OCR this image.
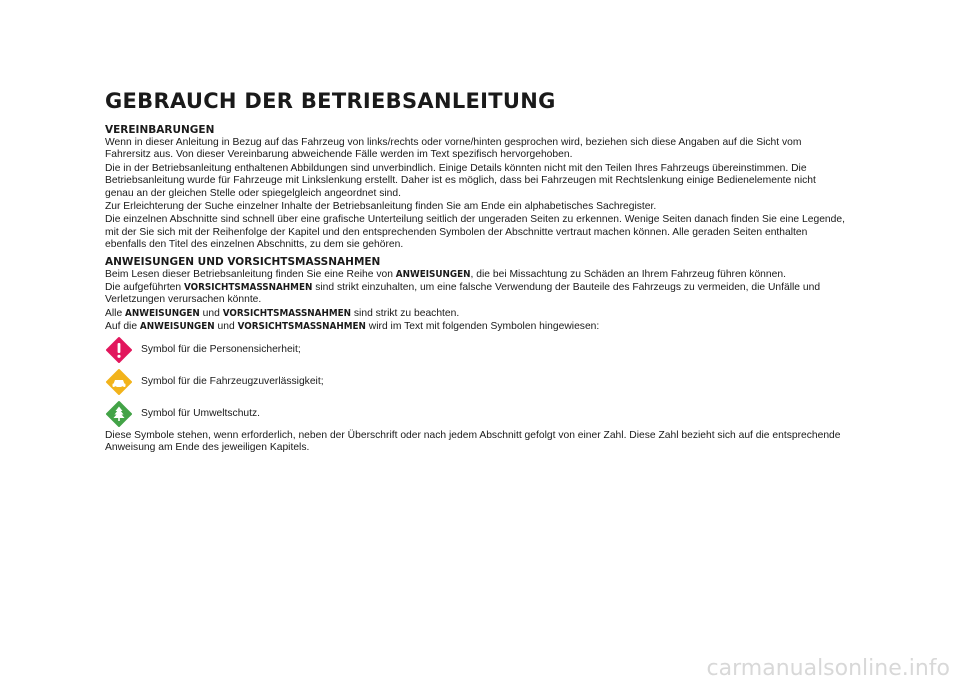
GEBRAUCH DER BETRIEBSANLEITUNG
VEREINBARUNGEN

Wenn in dieser Anleitung in Bezug auf das Fahrzeug von links/rechts oder vorne/hinten gesprochen wird, beziehen sich diese Angaben auf die Sicht vom Fahrersitz aus. Von dieser Vereinbarung abweichende Fälle werden im Text spezifisch hervorgehoben.

Die in der Betriebsanleitung enthaltenen Abbildungen sind unverbindlich. Einige Details könnten nicht mit den Teilen Ihres Fahrzeugs übereinstimmen. Die Betriebsanleitung wurde für Fahrzeuge mit Linkslenkung erstellt. Daher ist es möglich, dass bei Fahrzeugen mit Rechtslenkung einige Bedienelemente nicht genau an der gleichen Stelle oder spiegelgleich angeordnet sind.

Zur Erleichterung der Suche einzelner Inhalte der Betriebsanleitung finden Sie am Ende ein alphabetisches Sachregister.

Die einzelnen Abschnitte sind schnell über eine grafische Unterteilung seitlich der ungeraden Seiten zu erkennen. Wenige Seiten danach finden Sie eine Legende, mit der Sie sich mit der Reihenfolge der Kapitel und den entsprechenden Symbolen der Abschnitte vertraut machen können. Alle geraden Seiten enthalten ebenfalls den Titel des einzelnen Abschnitts, zu dem sie gehören.

ANWEISUNGEN UND VORSICHTSMASSNAHMEN

Beim Lesen dieser Betriebsanleitung finden Sie eine Reihe von ANWEISUNGEN, die bei Missachtung zu Schäden an Ihrem Fahrzeug führen können.

Die aufgeführten VORSICHTSMASSNAHMEN sind strikt einzuhalten, um eine falsche Verwendung der Bauteile des Fahrzeugs zu vermeiden, die Unfälle und Verletzungen verursachen könnte.

Alle ANWEISUNGEN und VORSICHTSMASSNAHMEN sind strikt zu beachten.

Auf die ANWEISUNGEN und VORSICHTSMASSNAHMEN wird im Text mit folgenden Symbolen hingewiesen:

Symbol für die Personensicherheit;
Symbol für die Fahrzeugzuverlässigkeit;
Symbol für Umweltschutz.

Diese Symbole stehen, wenn erforderlich, neben der Überschrift oder nach jedem Abschnitt gefolgt von einer Zahl. Diese Zahl bezieht sich auf die entsprechende Anweisung am Ende des jeweiligen Kapitels.

carmanualsonline.info
